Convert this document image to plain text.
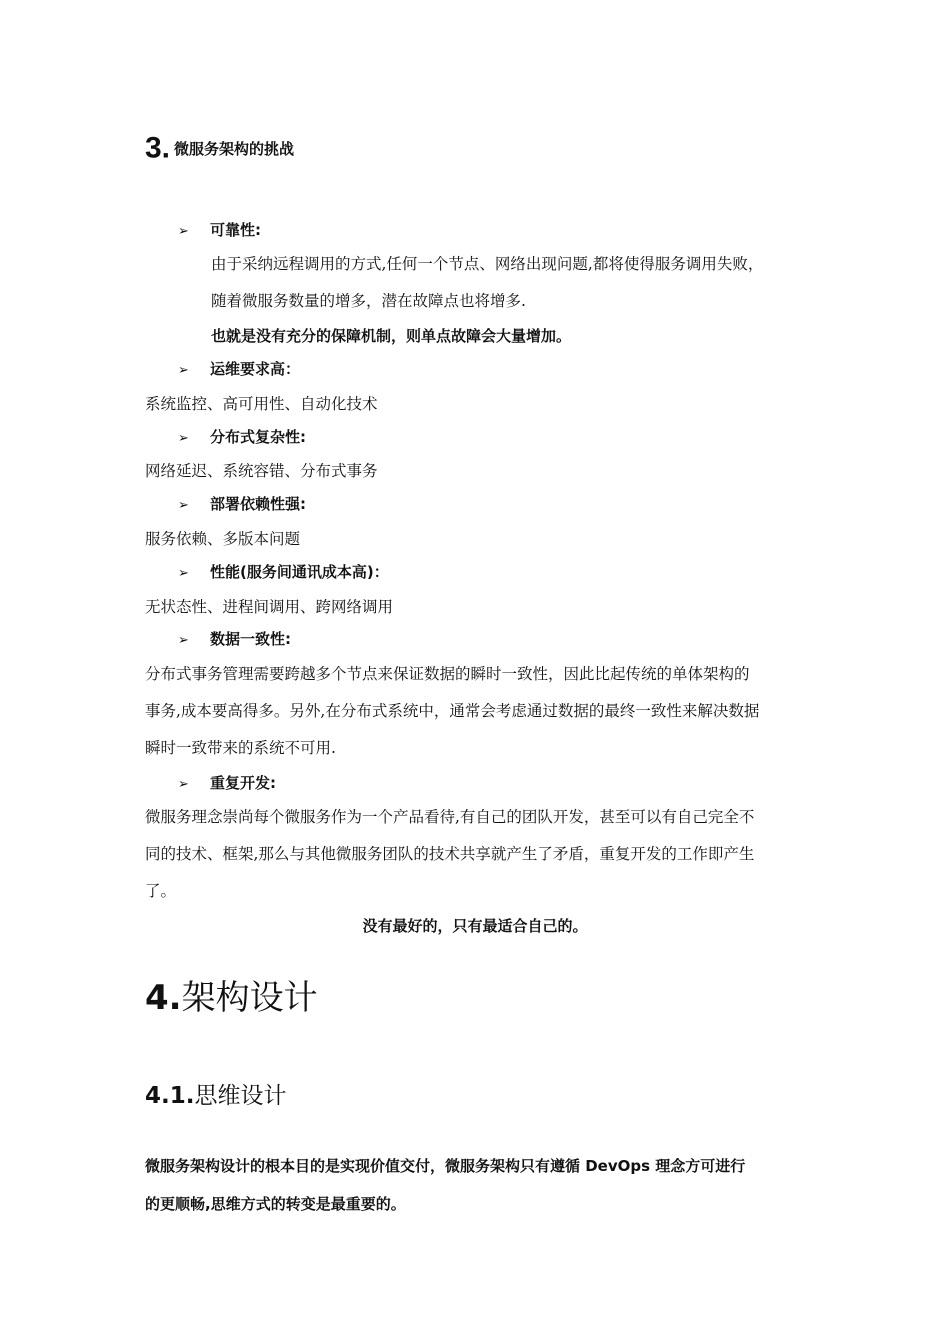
3. 微服务架构的挑战
➢ 可靠性:
由于采纳远程调用的方式,任何一个节点、网络出现问题,都将使得服务调用失败，
随着微服务数量的增多，潜在故障点也将增多.
也就是没有充分的保障机制，则单点故障会大量增加。
➢ 运维要求高：
系统监控、高可用性、自动化技术
➢ 分布式复杂性:
网络延迟、系统容错、分布式事务
➢ 部署依赖性强:
服务依赖、多版本问题
➢ 性能(服务间通讯成本高)：
无状态性、进程间调用、跨网络调用
➢ 数据一致性:
分布式事务管理需要跨越多个节点来保证数据的瞬时一致性，因此比起传统的单体架构的
事务,成本要高得多。另外,在分布式系统中，通常会考虑通过数据的最终一致性来解决数据
瞬时一致带来的系统不可用.
➢ 重复开发:
微服务理念崇尚每个微服务作为一个产品看待,有自己的团队开发，甚至可以有自己完全不
同的技术、框架,那么与其他微服务团队的技术共享就产生了矛盾，重复开发的工作即产生
了。
没有最好的，只有最适合自己的。
4.架构设计
4.1.思维设计
微服务架构设计的根本目的是实现价值交付，微服务架构只有遵循 DevOps 理念方可进行
的更顺畅,思维方式的转变是最重要的。
